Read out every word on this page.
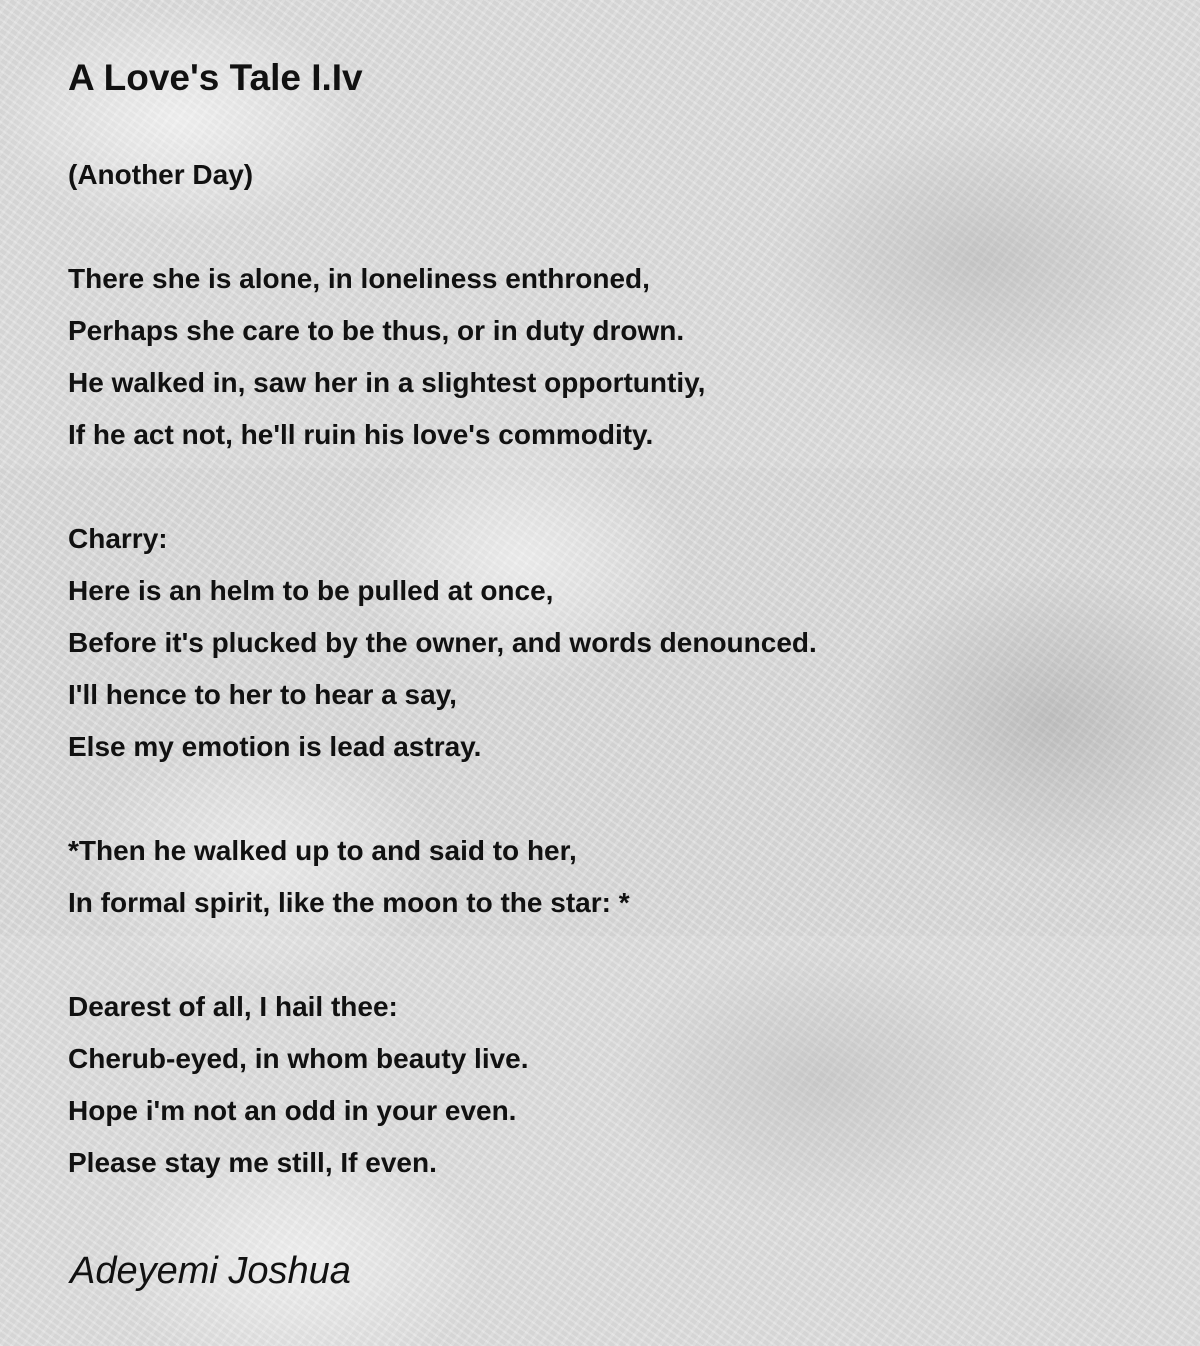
A Love's Tale I.Iv

(Another Day)

There she is alone, in loneliness enthroned,

Perhaps she care to be thus, or in duty drown.

He walked in, saw her in a slightest opportuntiy,

If he act not, he'll ruin his love's commodity.

Charry:

Here is an helm to be pulled at once,

Before it's plucked by the owner, and words denounced.

I'll hence to her to hear a say,

Else my emotion is lead astray.

*Then he walked up to and said to her,

In formal spirit, like the moon to the star: *

Dearest of all, I hail thee:

Cherub-eyed, in whom beauty live.

Hope i'm not an odd in your even.

Please stay me still, If even.

Adeyemi Joshua
